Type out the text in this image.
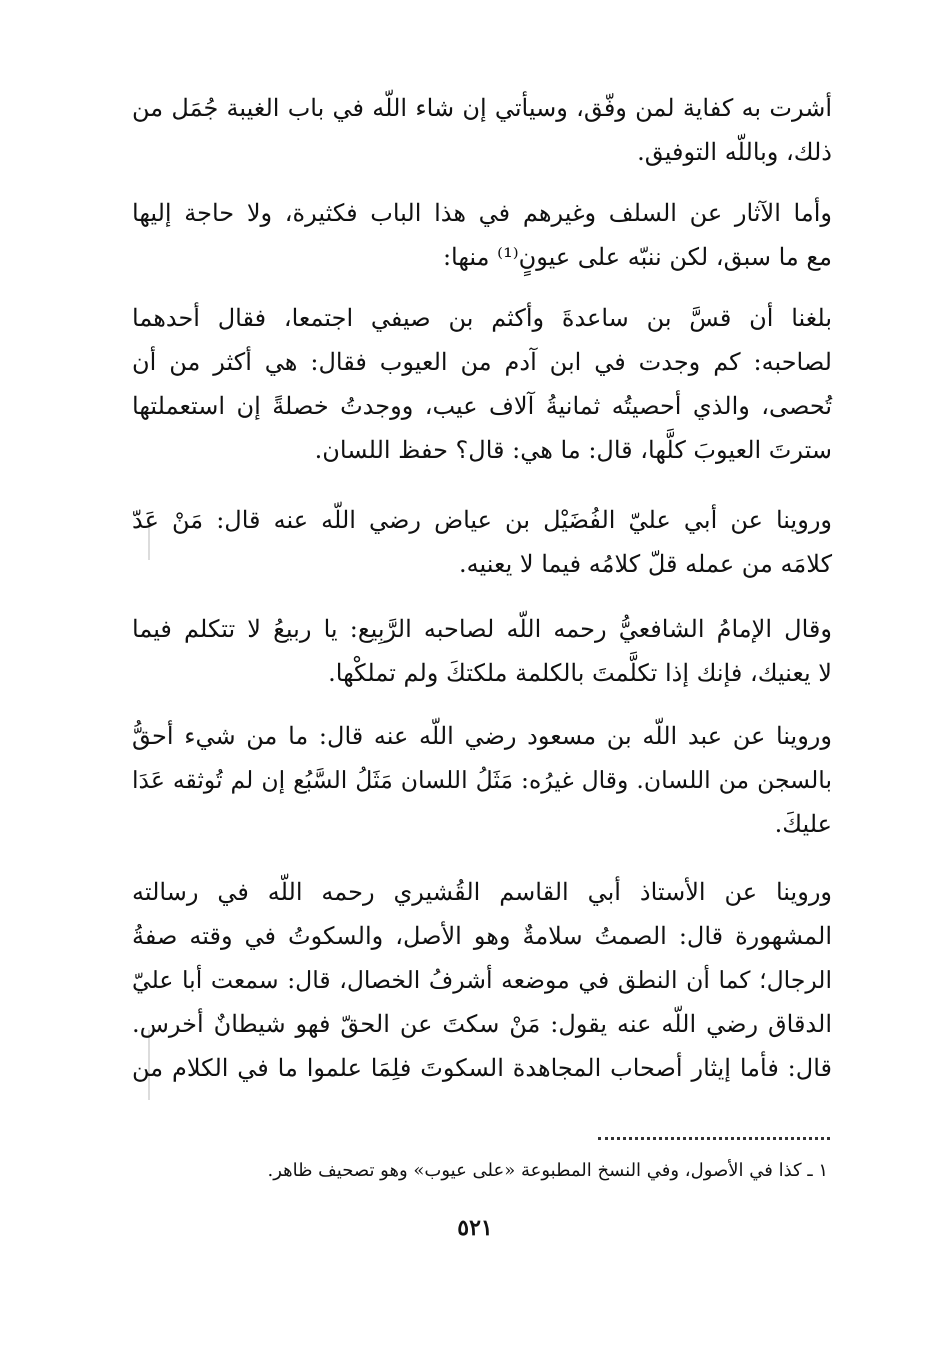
أشرت به كفاية لمن وفّق، وسيأتي إن شاء اللّه في باب الغيبة جُمَل من
ذلك، وباللّه التوفيق.
وأما الآثار عن السلف وغيرهم في هذا الباب فكثيرة، ولا حاجة إليها
مع ما سبق، لكن ننبّه على عيونٍ⁽¹⁾ منها:
بلغنا أن قسَّ بن ساعدةَ وأكثم بن صيفي اجتمعا، فقال أحدهما
لصاحبه: كم وجدت في ابن آدم من العيوب فقال: هي أكثر من أن
تُحصى، والذي أحصيتُه ثمانيةُ آلاف عيب، ووجدتُ خصلةً إن استعملتها
سترتَ العيوبَ كلَّها، قال: ما هي: قال؟ حفظ اللسان.
وروينا عن أبي عليّ الفُضَيْل بن عياض رضي اللّه عنه قال: مَنْ عَدّ
كلامَه من عمله قلّ كلامُه فيما لا يعنيه.
وقال الإمامُ الشافعيُّ رحمه اللّه لصاحبه الرَّبِيع: يا ربيعُ لا تتكلم فيما
لا يعنيك، فإنك إذا تكلَّمتَ بالكلمة ملكتكَ ولم تملكْها.
وروينا عن عبد اللّه بن مسعود رضي اللّه عنه قال: ما من شيء أحقُّ
بالسجن من اللسان. وقال غيرُه: مَثَلُ اللسان مَثَلُ السَّبُع إن لم تُوثقه عَدَا
عليكَ.
وروينا عن الأستاذ أبي القاسم القُشيري رحمه اللّه في رسالته
المشهورة قال: الصمتُ سلامةٌ وهو الأصل، والسكوتُ في وقته صفةُ
الرجال؛ كما أن النطق في موضعه أشرفُ الخصال، قال: سمعت أبا عليّ
الدقاق رضي اللّه عنه يقول: مَنْ سكتَ عن الحقّ فهو شيطانٌ أخرس.
قال: فأما إيثار أصحاب المجاهدة السكوتَ فلِمَا علموا ما في الكلام من
١ ـ كذا في الأصول، وفي النسخ المطبوعة «على عيوب» وهو تصحيف ظاهر.
٥٢١
